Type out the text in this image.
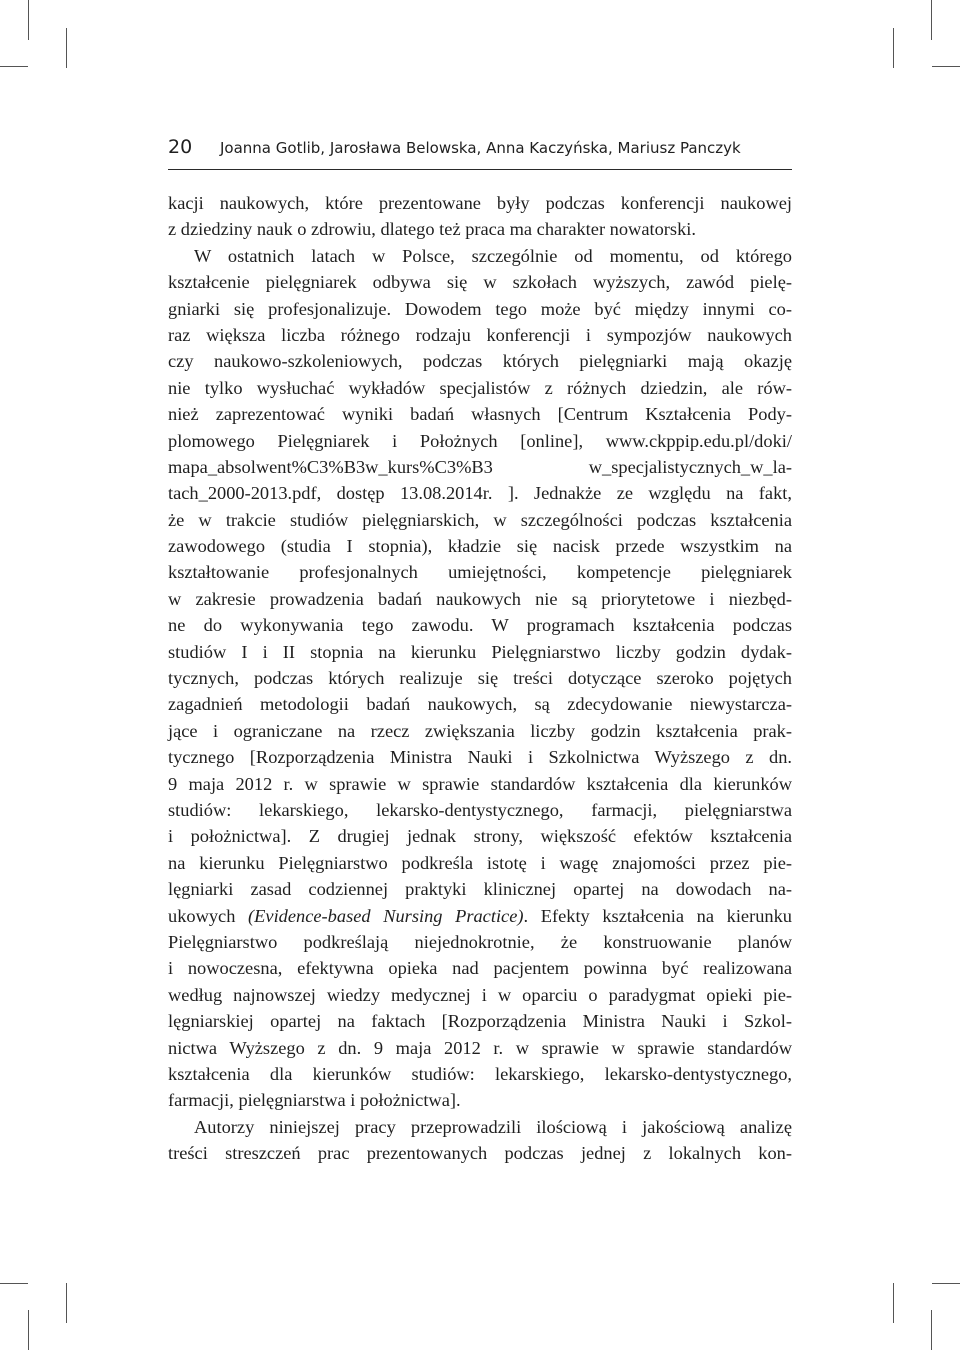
20 Joanna Gotlib, Jarosława Belowska, Anna Kaczyńska, Mariusz Panczyk
kacji naukowych, które prezentowane były podczas konferencji naukowej
z dziedziny nauk o zdrowiu, dlatego też praca ma charakter nowatorski.
W ostatnich latach w Polsce, szczególnie od momentu, od którego
kształcenie pielęgniarek odbywa się w szkołach wyższych, zawód pielę-
gniarki się profesjonalizuje. Dowodem tego może być między innymi co-
raz większa liczba różnego rodzaju konferencji i sympozjów naukowych
czy naukowo-szkoleniowych, podczas których pielęgniarki mają okazję
nie tylko wysłuchać wykładów specjalistów z różnych dziedzin, ale rów-
nież zaprezentować wyniki badań własnych [Centrum Kształcenia Pody-
plomowego Pielęgniarek i Położnych [online], www.ckppip.edu.pl/doki/
mapa_absolwent%C3%B3w_kurs%C3%B3 w_specjalistycznych_w_la-
tach_2000-2013.pdf, dostęp 13.08.2014r. ]. Jednakże ze względu na fakt,
że w trakcie studiów pielęgniarskich, w szczególności podczas kształcenia
zawodowego (studia I stopnia), kładzie się nacisk przede wszystkim na
kształtowanie profesjonalnych umiejętności, kompetencje pielęgniarek
w zakresie prowadzenia badań naukowych nie są priorytetowe i niezbęd-
ne do wykonywania tego zawodu. W programach kształcenia podczas
studiów I i II stopnia na kierunku Pielęgniarstwo liczby godzin dydak-
tycznych, podczas których realizuje się treści dotyczące szeroko pojętych
zagadnień metodologii badań naukowych, są zdecydowanie niewystarcza-
jące i ograniczane na rzecz zwiększania liczby godzin kształcenia prak-
tycznego [Rozporządzenia Ministra Nauki i Szkolnictwa Wyższego z dn.
9 maja 2012 r. w sprawie w sprawie standardów kształcenia dla kierunków
studiów: lekarskiego, lekarsko-dentystycznego, farmacji, pielęgniarstwa
i położnictwa]. Z drugiej jednak strony, większość efektów kształcenia
na kierunku Pielęgniarstwo podkreśla istotę i wagę znajomości przez pie-
lęgniarki zasad codziennej praktyki klinicznej opartej na dowodach na-
ukowych (Evidence-based Nursing Practice). Efekty kształcenia na kierunku
Pielęgniarstwo podkreślają niejednokrotnie, że konstruowanie planów
i nowoczesna, efektywna opieka nad pacjentem powinna być realizowana
według najnowszej wiedzy medycznej i w oparciu o paradygmat opieki pie-
lęgniarskiej opartej na faktach [Rozporządzenia Ministra Nauki i Szkol-
nictwa Wyższego z dn. 9 maja 2012 r. w sprawie w sprawie standardów
kształcenia dla kierunków studiów: lekarskiego, lekarsko-dentystycznego,
farmacji, pielęgniarstwa i położnictwa].
Autorzy niniejszej pracy przeprowadzili ilościową i jakościową analizę
treści streszczeń prac prezentowanych podczas jednej z lokalnych kon-
